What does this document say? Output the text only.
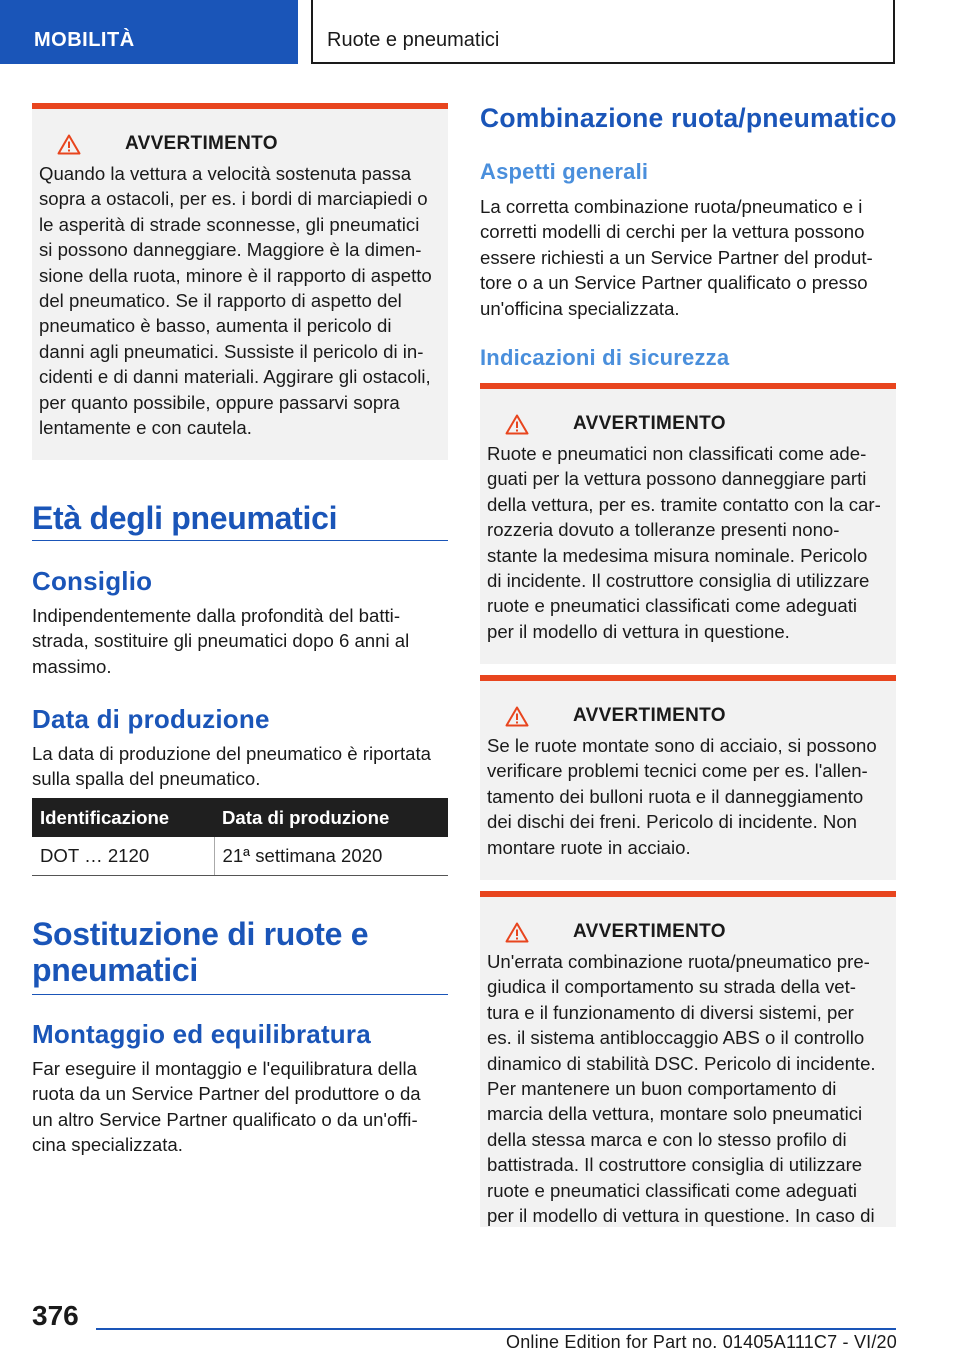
MOBILITÀ	Ruote e pneumatici
AVVERTIMENTO
Quando la vettura a velocità sostenuta passa
sopra a ostacoli, per es. i bordi di marciapiedi o
le asperità di strade sconnesse, gli pneumatici
si possono danneggiare. Maggiore è la dimen-
sione della ruota, minore è il rapporto di aspetto
del pneumatico. Se il rapporto di aspetto del
pneumatico è basso, aumenta il pericolo di
danni agli pneumatici. Sussiste il pericolo di in-
cidenti e di danni materiali. Aggirare gli ostacoli,
per quanto possibile, oppure passarvi sopra
lentamente e con cautela.
Età degli pneumatici
Consiglio
Indipendentemente dalla profondità del batti-
strada, sostituire gli pneumatici dopo 6 anni al
massimo.
Data di produzione
La data di produzione del pneumatico è riportata
sulla spalla del pneumatico.
Identificazione	Data di produzione
DOT … 2120	21ª settimana 2020
Sostituzione di ruote e
pneumatici
Montaggio ed equilibratura
Far eseguire il montaggio e l'equilibratura della
ruota da un Service Partner del produttore o da
un altro Service Partner qualificato o da un'offi-
cina specializzata.
Combinazione ruota/pneumatico
Aspetti generali
La corretta combinazione ruota/pneumatico e i
corretti modelli di cerchi per la vettura possono
essere richiesti a un Service Partner del produt-
tore o a un Service Partner qualificato o presso
un'officina specializzata.
Indicazioni di sicurezza
AVVERTIMENTO
Ruote e pneumatici non classificati come ade-
guati per la vettura possono danneggiare parti
della vettura, per es. tramite contatto con la car-
rozzeria dovuto a tolleranze presenti nono-
stante la medesima misura nominale. Pericolo
di incidente. Il costruttore consiglia di utilizzare
ruote e pneumatici classificati come adeguati
per il modello di vettura in questione.
AVVERTIMENTO
Se le ruote montate sono di acciaio, si possono
verificare problemi tecnici come per es. l'allen-
tamento dei bulloni ruota e il danneggiamento
dei dischi dei freni. Pericolo di incidente. Non
montare ruote in acciaio.
AVVERTIMENTO
Un'errata combinazione ruota/pneumatico pre-
giudica il comportamento su strada della vet-
tura e il funzionamento di diversi sistemi, per
es. il sistema antibloccaggio ABS o il controllo
dinamico di stabilità DSC. Pericolo di incidente.
Per mantenere un buon comportamento di
marcia della vettura, montare solo pneumatici
della stessa marca e con lo stesso profilo di
battistrada. Il costruttore consiglia di utilizzare
ruote e pneumatici classificati come adeguati
per il modello di vettura in questione. In caso di
376
Online Edition for Part no. 01405A111C7 - VI/20
